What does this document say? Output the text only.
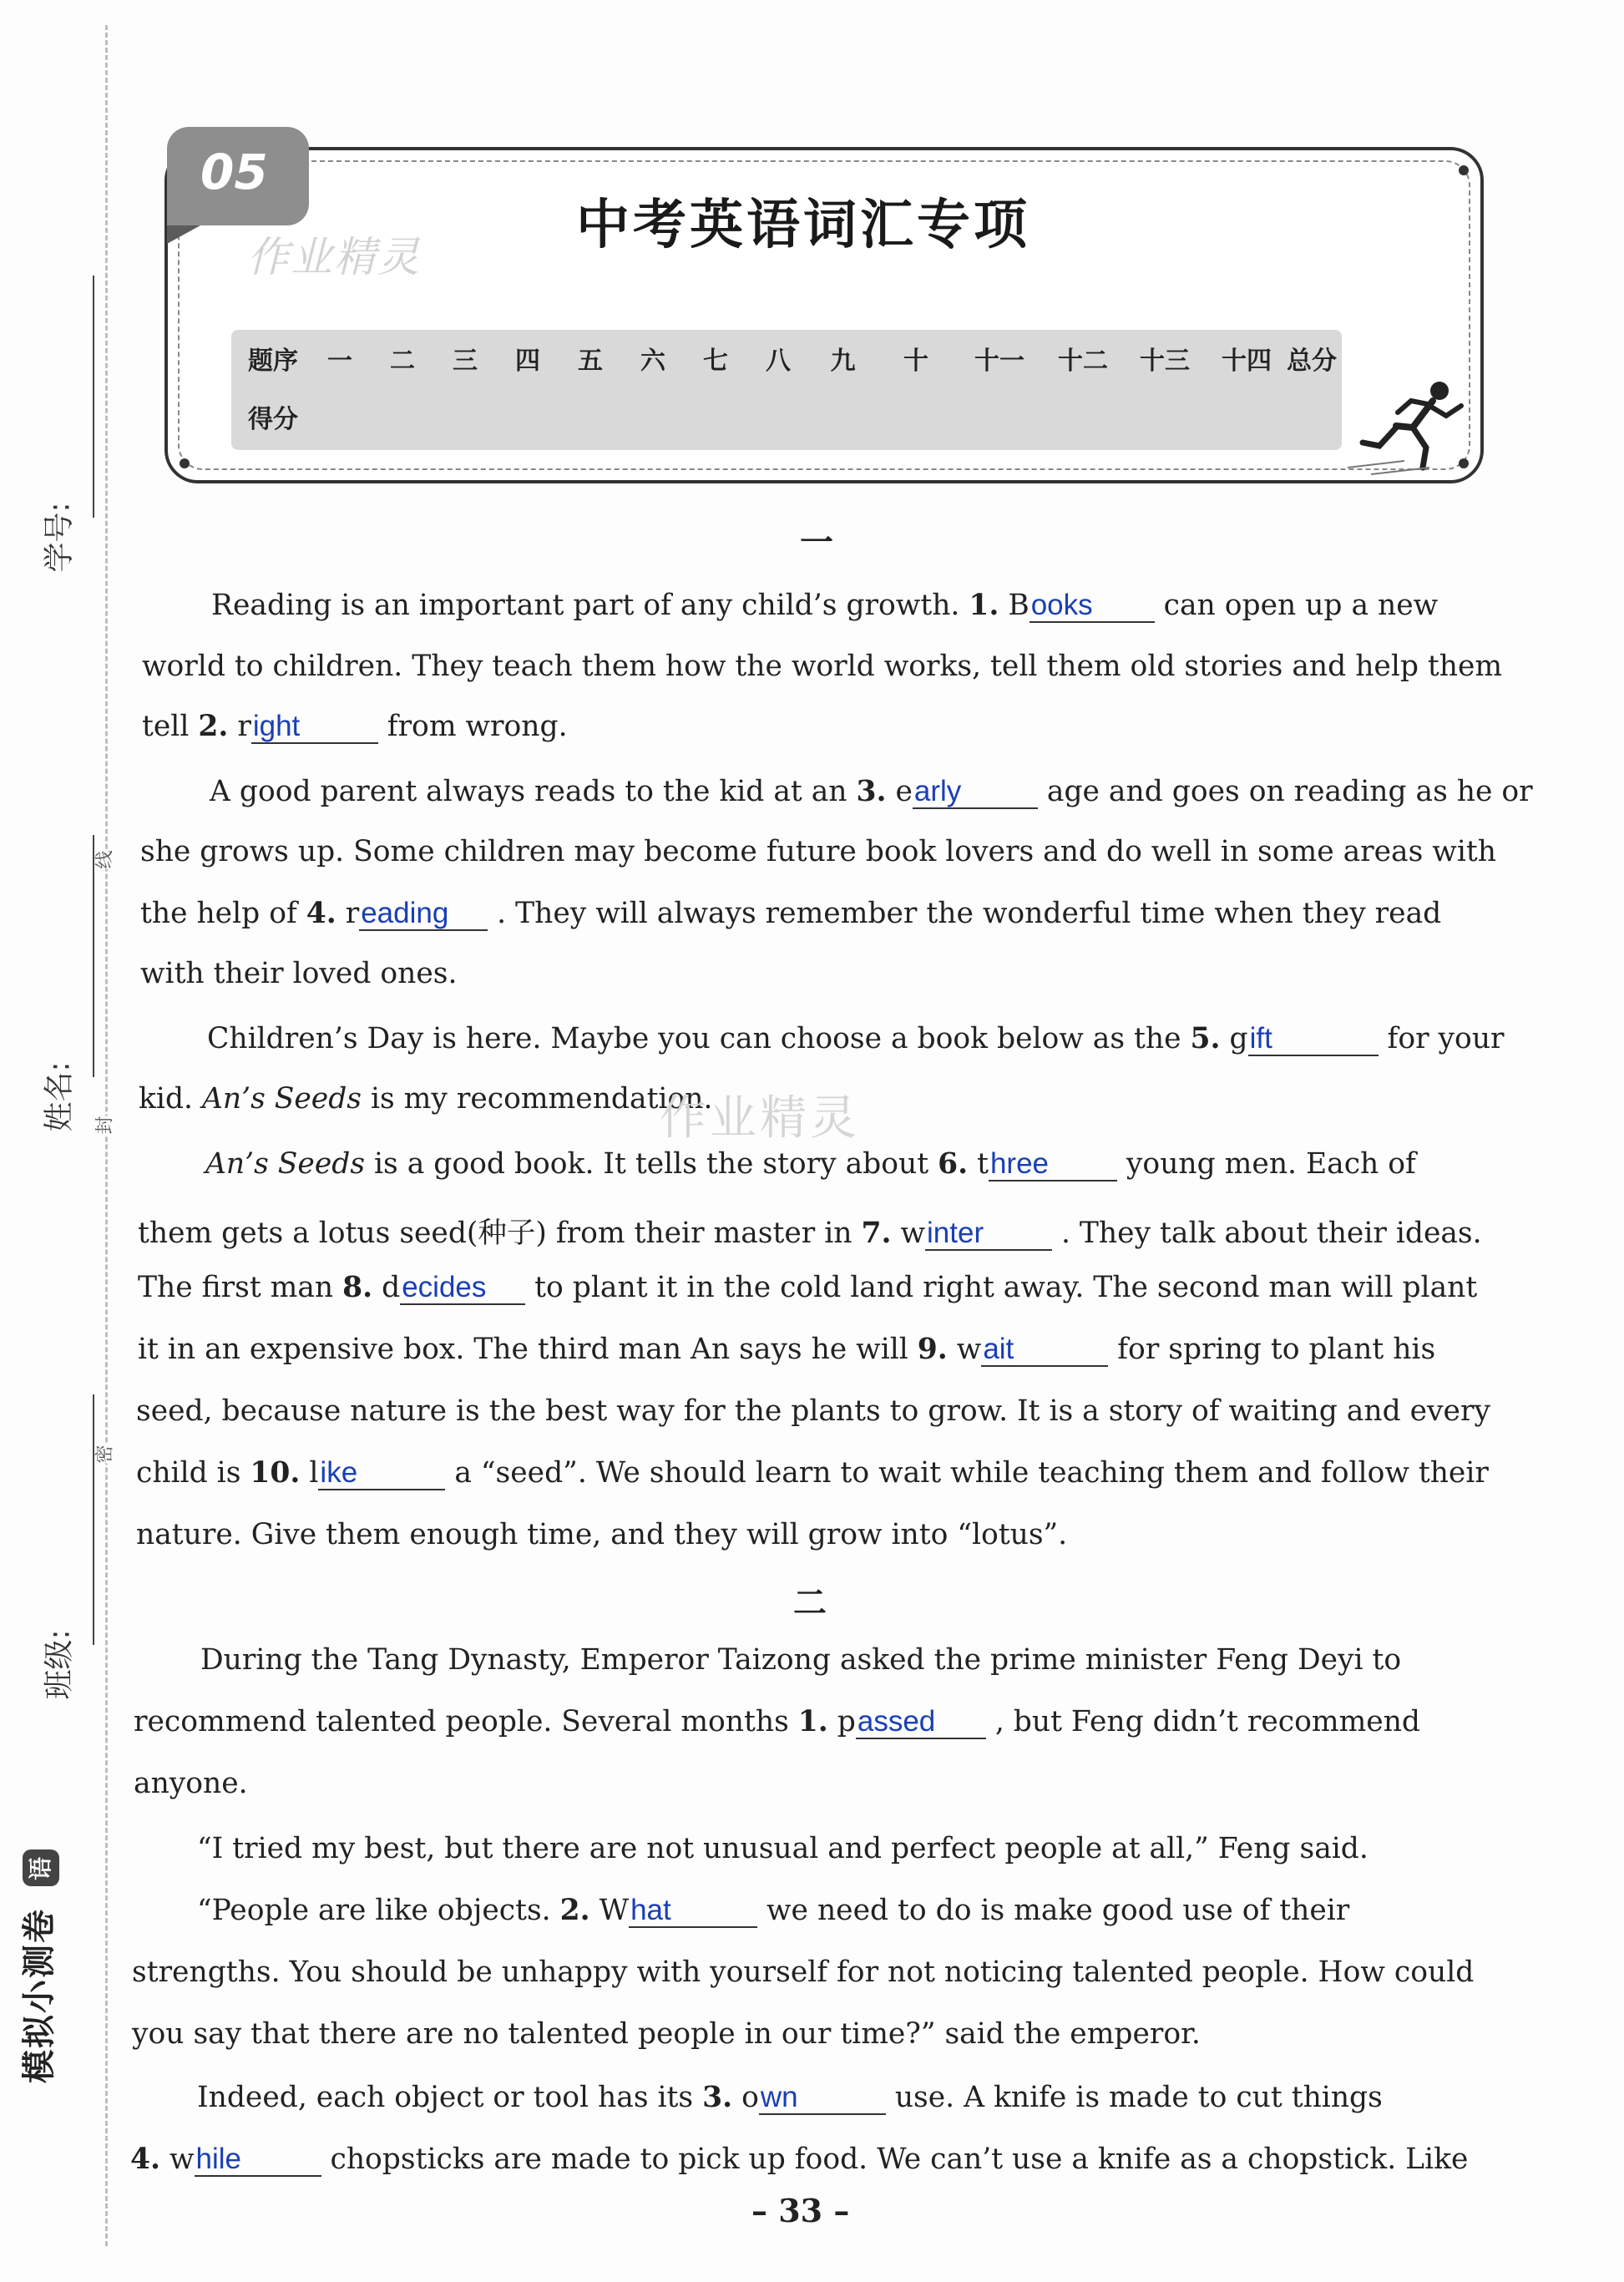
线
封
密
学号:
姓名:
班级:
模拟小测卷 语
05
作业精灵
中考英语词汇专项
题序	一	二	三	四	五	六	七	八	九	十	十一	十二	十三	十四 总分
得分
一
Reading is an important part of any child’s growth. 1. Books can open up a new
world to children. They teach them how the world works, tell them old stories and help them
tell 2. right	from wrong.
A good parent always reads to the kid at an 3. early	age and goes on reading as he or
she grows up. Some children may become future book lovers and do well in some areas with
the help of 4. reading . They will always remember the wonderful time when they read
with their loved ones.
Children’s Day is here. Maybe you can choose a book below as the 5. gift	for your
kid. An’s Seeds is my recommendation.
An’s Seeds is a good book. It tells the story about 6. three young men. Each of
them gets a lotus seed(种子) from their master in 7. winter . They talk about their ideas.
The first man 8. decides to plant it in the cold land right away. The second man will plant
it in an expensive box. The third man An says he will 9. wait	for spring to plant his
seed, because nature is the best way for the plants to grow. It is a story of waiting and every
child is 10. like	a “seed”. We should learn to wait while teaching them and follow their
nature. Give them enough time, and they will grow into “lotus”.
作业精灵
二
During the Tang Dynasty, Emperor Taizong asked the prime minister Feng Deyi to
recommend talented people. Several months 1. passed , but Feng didn’t recommend
anyone.
“I tried my best, but there are not unusual and perfect people at all,” Feng said.
“People are like objects. 2. What	we need to do is make good use of their
strengths. You should be unhappy with yourself for not noticing talented people. How could
you say that there are no talented people in our time?” said the emperor.
Indeed, each object or tool has its 3. own	use. A knife is made to cut things
4. while	chopsticks are made to pick up food. We can’t use a knife as a chopstick. Like
– 33 –
